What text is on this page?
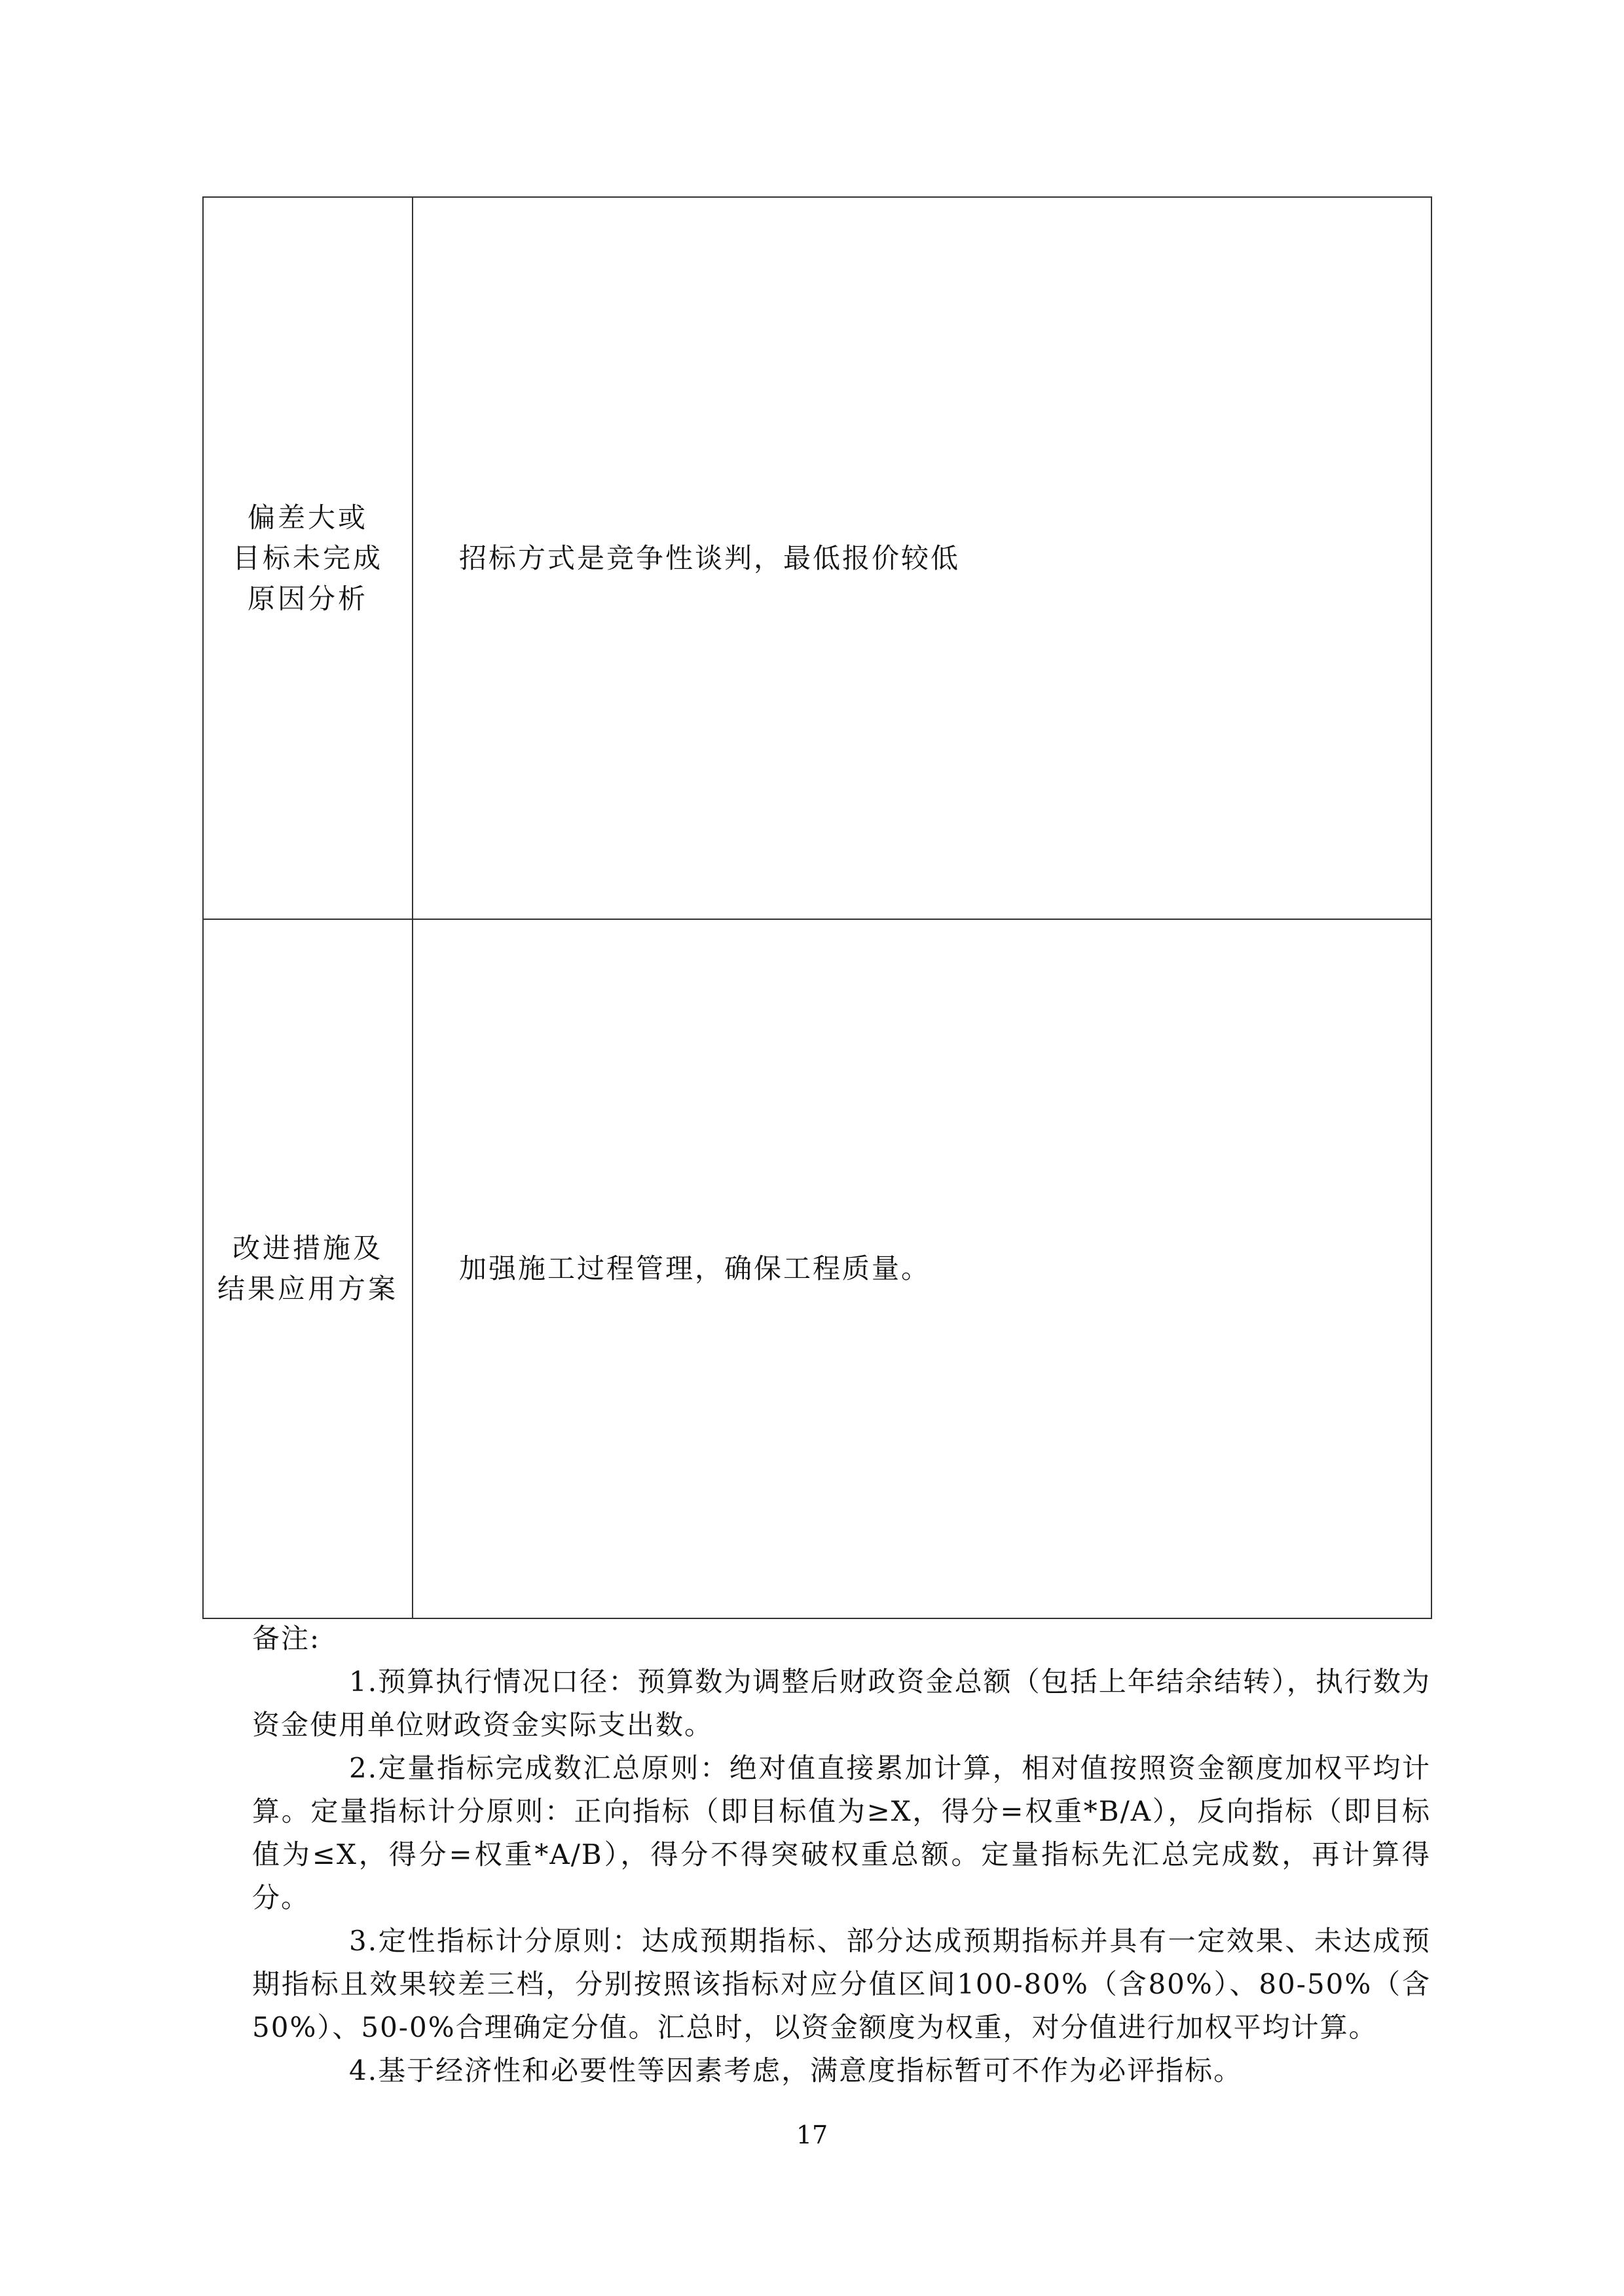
偏差大或
目标未完成
原因分析	招标方式是竞争性谈判，最低报价较低

改进措施及
结果应用方案	加强施工过程管理，确保工程质量。
备注:

1.预算执行情况口径：预算数为调整后财政资金总额（包括上年结余结转），执行数为资金使用单位财政资金实际支出数。

2.定量指标完成数汇总原则：绝对值直接累加计算，相对值按照资金额度加权平均计算。定量指标计分原则：正向指标（即目标值为≥X，得分=权重*B/A），反向指标（即目标值为≤X，得分=权重*A/B），得分不得突破权重总额。定量指标先汇总完成数，再计算得分。

3.定性指标计分原则：达成预期指标、部分达成预期指标并具有一定效果、未达成预期指标且效果较差三档，分别按照该指标对应分值区间100-80%（含80%）、80-50%（含50%）、50-0%合理确定分值。汇总时，以资金额度为权重，对分值进行加权平均计算。

4.基于经济性和必要性等因素考虑，满意度指标暂可不作为必评指标。

17
